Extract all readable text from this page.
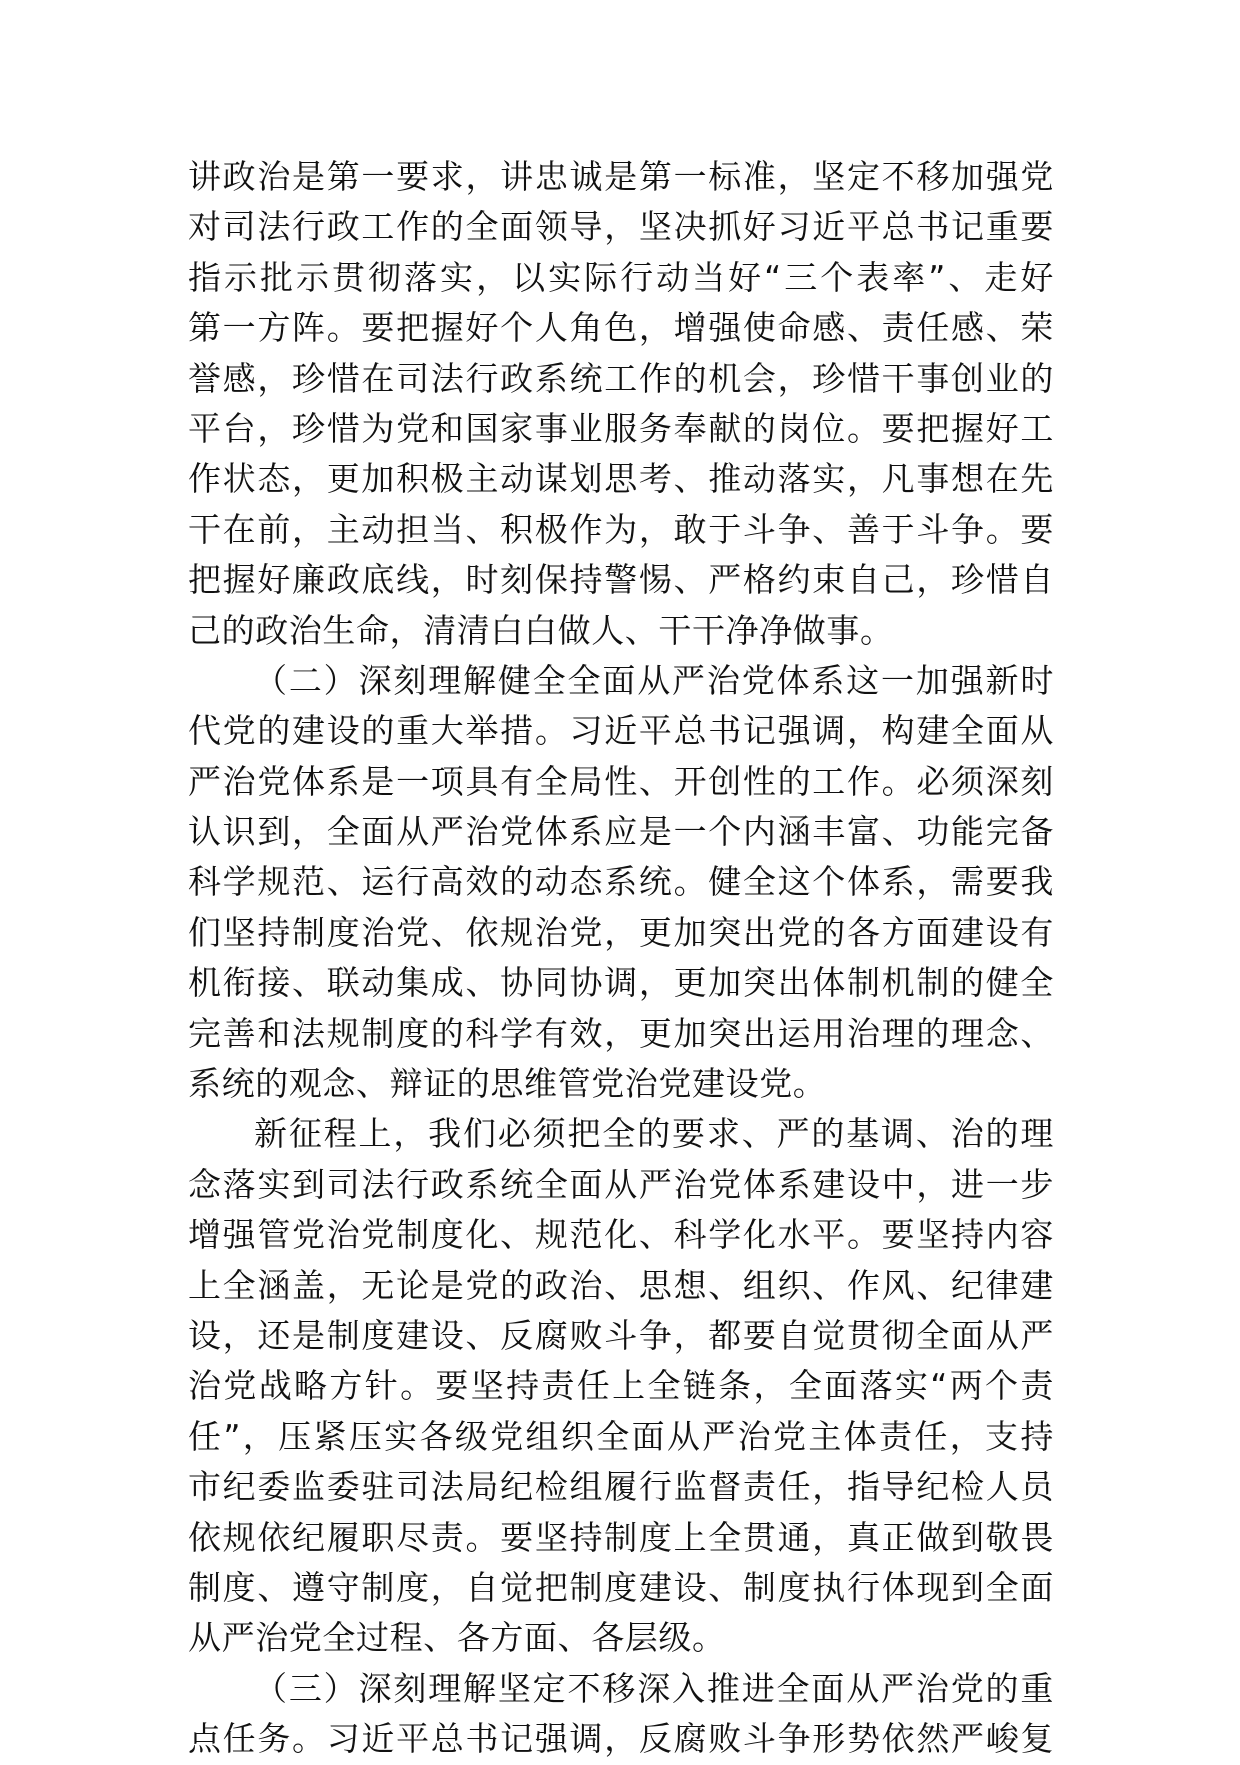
讲政治是第一要求，讲忠诚是第一标准，坚定不移加强党
对司法行政工作的全面领导，坚决抓好习近平总书记重要
指示批示贯彻落实，以实际行动当好“三个表率”、走好
第一方阵。要把握好个人角色，增强使命感、责任感、荣
誉感，珍惜在司法行政系统工作的机会，珍惜干事创业的
平台，珍惜为党和国家事业服务奉献的岗位。要把握好工
作状态，更加积极主动谋划思考、推动落实，凡事想在先
干在前，主动担当、积极作为，敢于斗争、善于斗争。要
把握好廉政底线，时刻保持警惕、严格约束自己，珍惜自
己的政治生命，清清白白做人、干干净净做事。
（二）深刻理解健全全面从严治党体系这一加强新时
代党的建设的重大举措。习近平总书记强调，构建全面从
严治党体系是一项具有全局性、开创性的工作。必须深刻
认识到，全面从严治党体系应是一个内涵丰富、功能完备
科学规范、运行高效的动态系统。健全这个体系，需要我
们坚持制度治党、依规治党，更加突出党的各方面建设有
机衔接、联动集成、协同协调，更加突出体制机制的健全
完善和法规制度的科学有效，更加突出运用治理的理念、
系统的观念、辩证的思维管党治党建设党。
新征程上，我们必须把全的要求、严的基调、治的理
念落实到司法行政系统全面从严治党体系建设中，进一步
增强管党治党制度化、规范化、科学化水平。要坚持内容
上全涵盖，无论是党的政治、思想、组织、作风、纪律建
设，还是制度建设、反腐败斗争，都要自觉贯彻全面从严
治党战略方针。要坚持责任上全链条，全面落实“两个责
任”，压紧压实各级党组织全面从严治党主体责任，支持
市纪委监委驻司法局纪检组履行监督责任，指导纪检人员
依规依纪履职尽责。要坚持制度上全贯通，真正做到敬畏
制度、遵守制度，自觉把制度建设、制度执行体现到全面
从严治党全过程、各方面、各层级。
（三）深刻理解坚定不移深入推进全面从严治党的重
点任务。习近平总书记强调，反腐败斗争形势依然严峻复
